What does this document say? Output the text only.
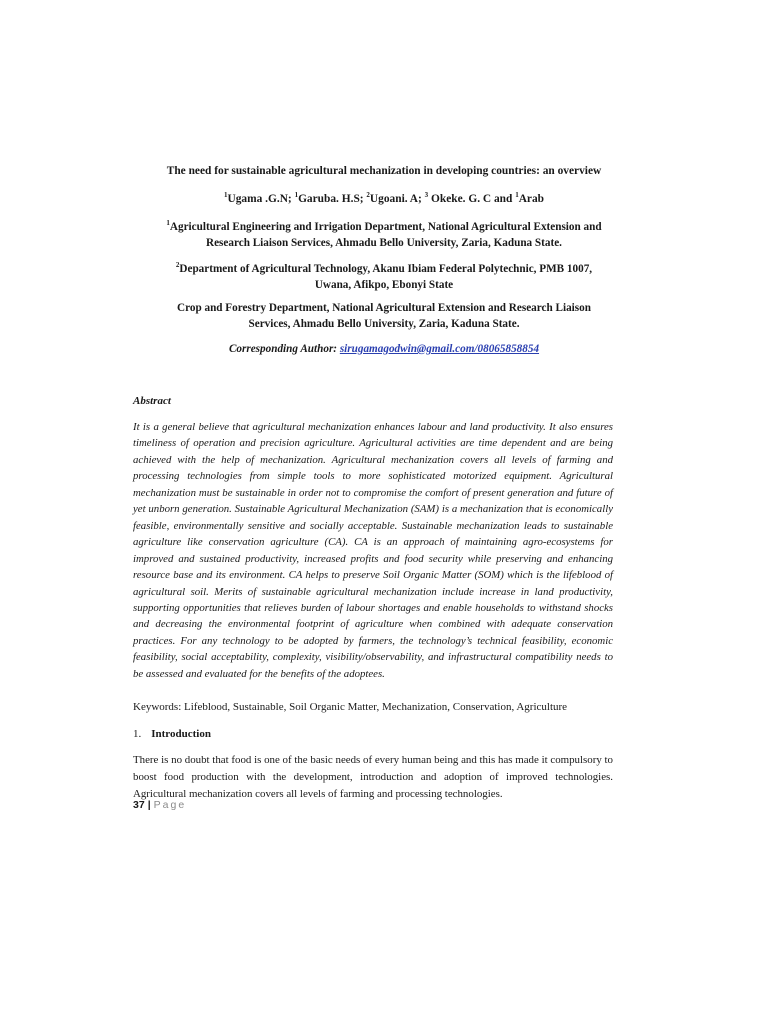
The need for sustainable agricultural mechanization in developing countries: an overview
$^1$Ugama .G.N; $^1$Garuba. H.S; $^2$Ugoani. A; $^3$ Okeke. G. C and $^1$Arab
$^1$Agricultural Engineering and Irrigation Department, National Agricultural Extension and
Research Liaison Services, Ahmadu Bello University, Zaria, Kaduna State.
$^2$Department of Agricultural Technology, Akanu Ibiam Federal Polytechnic, PMB 1007,
Uwana, Afikpo, Ebonyi State
Crop and Forestry Department, National Agricultural Extension and Research Liaison
Services, Ahmadu Bello University, Zaria, Kaduna State.
Corresponding Author: sirugamagodwin@gmail.com/08065858854
Abstract
It is a general believe that agricultural mechanization enhances labour and land productivity. It also ensures timeliness of operation and precision agriculture. Agricultural activities are time dependent and are being achieved with the help of mechanization. Agricultural mechanization covers all levels of farming and processing technologies from simple tools to more sophisticated motorized equipment. Agricultural mechanization must be sustainable in order not to compromise the comfort of present generation and future of yet unborn generation. Sustainable Agricultural Mechanization (SAM) is a mechanization that is economically feasible, environmentally sensitive and socially acceptable. Sustainable mechanization leads to sustainable agriculture like conservation agriculture (CA). CA is an approach of maintaining agro-ecosystems for improved and sustained productivity, increased profits and food security while preserving and enhancing resource base and its environment. CA helps to preserve Soil Organic Matter (SOM) which is the lifeblood of agricultural soil. Merits of sustainable agricultural mechanization include increase in land productivity, supporting opportunities that relieves burden of labour shortages and enable households to withstand shocks and decreasing the environmental footprint of agriculture when combined with adequate conservation practices. For any technology to be adopted by farmers, the technology’s technical feasibility, economic feasibility, social acceptability, complexity, visibility/observability, and infrastructural compatibility needs to be assessed and evaluated for the benefits of the adoptees.
Keywords: Lifeblood, Sustainable, Soil Organic Matter, Mechanization, Conservation, Agriculture
1. Introduction
There is no doubt that food is one of the basic needs of every human being and this has made it compulsory to boost food production with the development, introduction and adoption of improved technologies. Agricultural mechanization covers all levels of farming and processing technologies.
37 | Page
